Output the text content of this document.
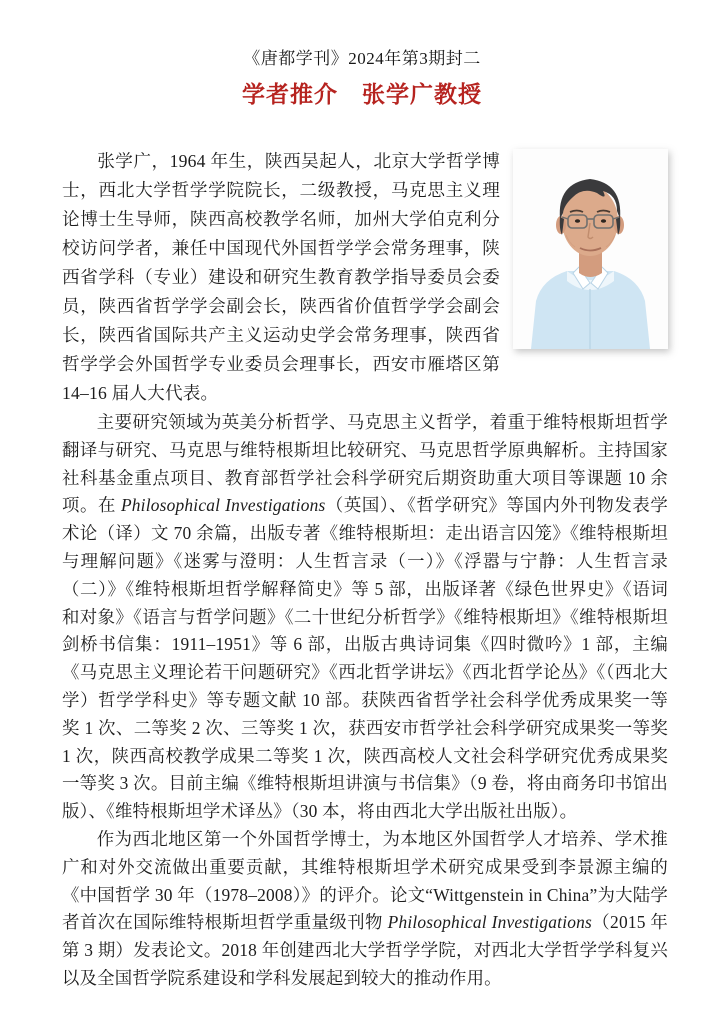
《唐都学刊》2024年第3期封二
学者推介　张学广教授

张学广，1964 年生，陕西吴起人，北京大学哲学博士，西北大学哲学学院院长，二级教授，马克思主义理论博士生导师，陕西高校教学名师，加州大学伯克利分校访问学者，兼任中国现代外国哲学学会常务理事，陕西省学科（专业）建设和研究生教育教学指导委员会委员，陕西省哲学学会副会长，陕西省价值哲学学会副会长，陕西省国际共产主义运动史学会常务理事，陕西省哲学学会外国哲学专业委员会理事长，西安市雁塔区第 14–16 届人大代表。

主要研究领域为英美分析哲学、马克思主义哲学，着重于维特根斯坦哲学翻译与研究、马克思与维特根斯坦比较研究、马克思哲学原典解析。主持国家社科基金重点项目、教育部哲学社会科学研究后期资助重大项目等课题 10 余项。在 Philosophical Investigations（英国）、《哲学研究》等国内外刊物发表学术论（译）文 70 余篇，出版专著《维特根斯坦：走出语言囚笼》《维特根斯坦与理解问题》《迷雾与澄明：人生哲言录（一）》《浮嚣与宁静：人生哲言录（二）》《维特根斯坦哲学解释简史》等 5 部，出版译著《绿色世界史》《语词和对象》《语言与哲学问题》《二十世纪分析哲学》《维特根斯坦》《维特根斯坦剑桥书信集：1911–1951》等 6 部，出版古典诗词集《四时微吟》1 部，主编《马克思主义理论若干问题研究》《西北哲学讲坛》《西北哲学论丛》《（西北大学）哲学学科史》等专题文献 10 部。获陕西省哲学社会科学优秀成果奖一等奖 1 次、二等奖 2 次、三等奖 1 次，获西安市哲学社会科学研究成果奖一等奖 1 次，陕西高校教学成果二等奖 1 次，陕西高校人文社会科学研究优秀成果奖一等奖 3 次。目前主编《维特根斯坦讲演与书信集》（9 卷，将由商务印书馆出版）、《维特根斯坦学术译丛》（30 本，将由西北大学出版社出版）。

作为西北地区第一个外国哲学博士，为本地区外国哲学人才培养、学术推广和对外交流做出重要贡献，其维特根斯坦学术研究成果受到李景源主编的《中国哲学 30 年（1978–2008）》的评介。论文“Wittgenstein in China”为大陆学者首次在国际维特根斯坦哲学重量级刊物 Philosophical Investigations（2015 年第 3 期）发表论文。2018 年创建西北大学哲学学院，对西北大学哲学学科复兴以及全国哲学院系建设和学科发展起到较大的推动作用。
